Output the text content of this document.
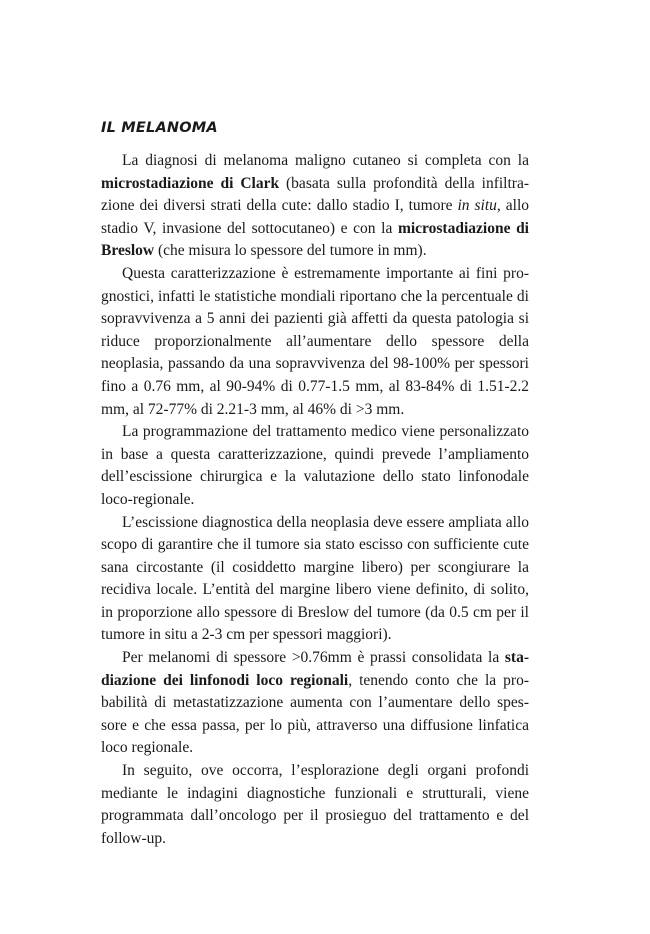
IL MELANOMA

La diagnosi di melanoma maligno cutaneo si completa con la microstadiazione di Clark (basata sulla profondità della infiltrazione dei diversi strati della cute: dallo stadio I, tumore in situ, allo stadio V, invasione del sottocutaneo) e con la microstadiazione di Breslow (che misura lo spessore del tumore in mm).

Questa caratterizzazione è estremamente importante ai fini prognostici, infatti le statistiche mondiali riportano che la percentuale di sopravvivenza a 5 anni dei pazienti già affetti da questa patologia si riduce proporzionalmente all’aumentare dello spessore della neoplasia, passando da una sopravvivenza del 98-100% per spessori fino a 0.76 mm, al 90-94% di 0.77-1.5 mm, al 83-84% di 1.51-2.2 mm, al 72-77% di 2.21-3 mm, al 46% di >3 mm.

La programmazione del trattamento medico viene personalizzato in base a questa caratterizzazione, quindi prevede l’ampliamento dell’escissione chirurgica e la valutazione dello stato linfonodale loco-regionale.

L’escissione diagnostica della neoplasia deve essere ampliata allo scopo di garantire che il tumore sia stato escisso con sufficiente cute sana circostante (il cosiddetto margine libero) per scongiurare la recidiva locale. L’entità del margine libero viene definito, di solito, in proporzione allo spessore di Breslow del tumore (da 0.5 cm per il tumore in situ a 2-3 cm per spessori maggiori).

Per melanomi di spessore >0.76mm è prassi consolidata la stadiazione dei linfonodi loco regionali, tenendo conto che la probabilità di metastatizzazione aumenta con l’aumentare dello spessore e che essa passa, per lo più, attraverso una diffusione linfatica loco regionale.

In seguito, ove occorra, l’esplorazione degli organi profondi mediante le indagini diagnostiche funzionali e strutturali, viene programmata dall’oncologo per il prosieguo del trattamento e del follow-up.
